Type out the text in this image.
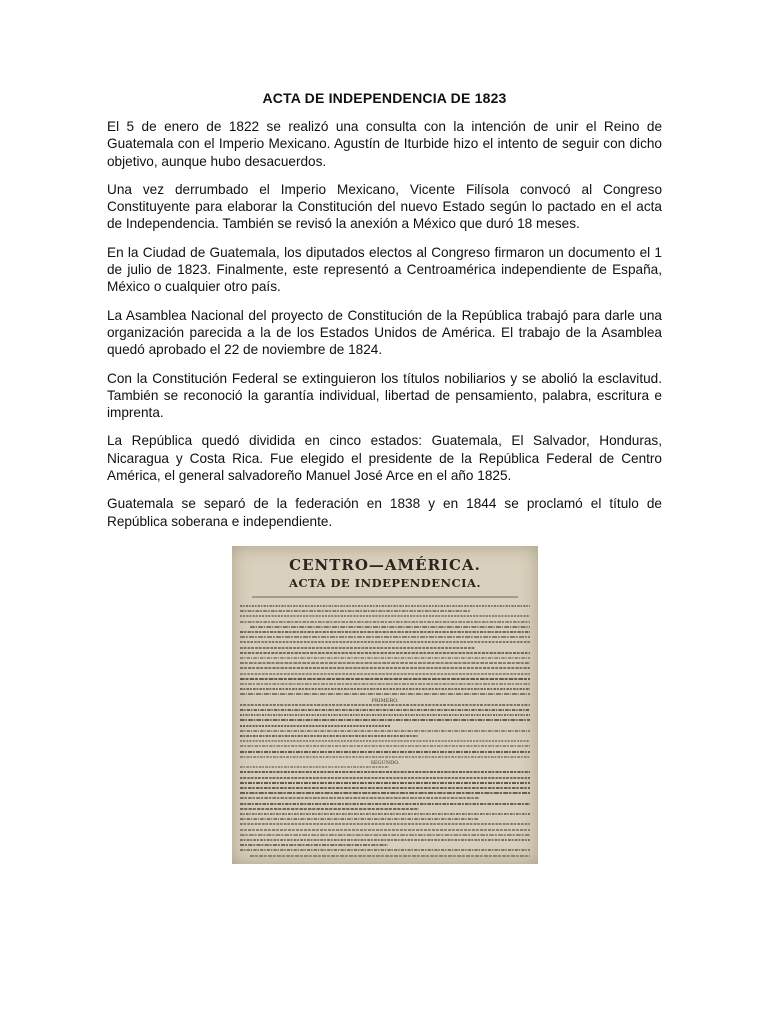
ACTA DE INDEPENDENCIA DE 1823

El 5 de enero de 1822 se realizó una consulta con la intención de unir el Reino de Guatemala con el Imperio Mexicano. Agustín de Iturbide hizo el intento de seguir con dicho objetivo, aunque hubo desacuerdos.

Una vez derrumbado el Imperio Mexicano, Vicente Filísola convocó al Congreso Constituyente para elaborar la Constitución del nuevo Estado según lo pactado en el acta de Independencia. También se revisó la anexión a México que duró 18 meses.

En la Ciudad de Guatemala, los diputados electos al Congreso firmaron un documento el 1 de julio de 1823. Finalmente, este representó a Centroamérica independiente de España, México o cualquier otro país.

La Asamblea Nacional del proyecto de Constitución de la República trabajó para darle una organización parecida a la de los Estados Unidos de América. El trabajo de la Asamblea quedó aprobado el 22 de noviembre de 1824.

Con la Constitución Federal se extinguieron los títulos nobiliarios y se abolió la esclavitud. También se reconoció la garantía individual, libertad de pensamiento, palabra, escritura e imprenta.

La República quedó dividida en cinco estados: Guatemala, El Salvador, Honduras, Nicaragua y Costa Rica. Fue elegido el presidente de la República Federal de Centro América, el general salvadoreño Manuel José Arce en el año 1825.

Guatemala se separó de la federación en 1838 y en 1844 se proclamó el título de República soberana e independiente.

CENTRO—AMÉRICA.
ACTA DE INDEPENDENCIA.
PRIMERO.
SEGUNDO.
